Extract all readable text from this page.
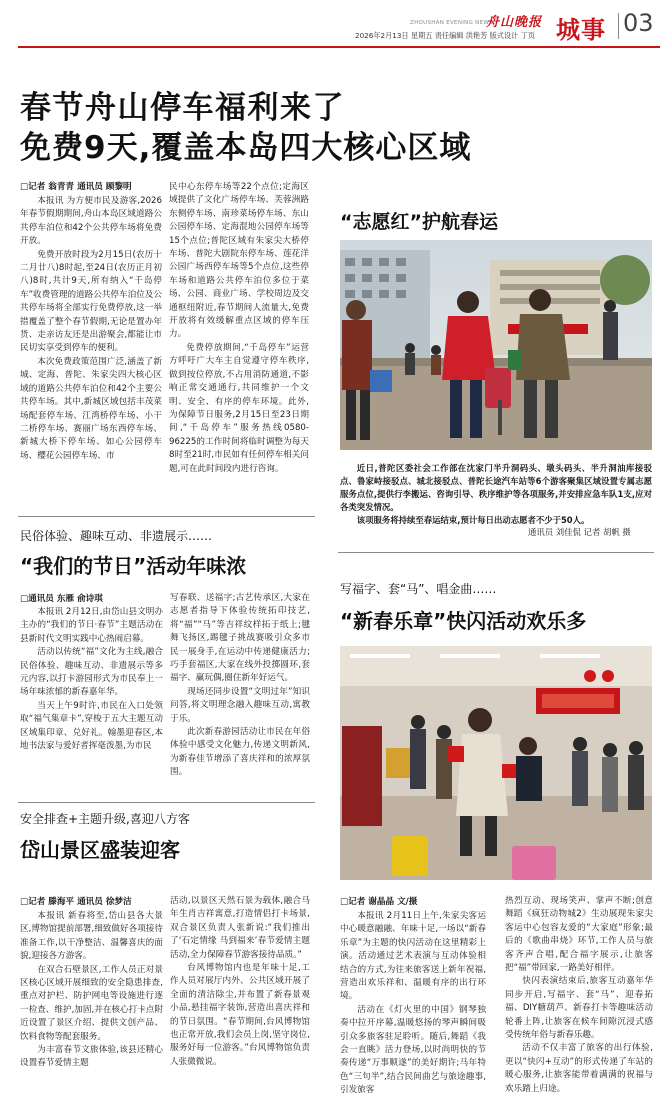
ZHOUSHAN EVENING NEWS
舟山晚报
2026年2月13日 星期五 责任编辑 洪艳芳 版式设计 丁页 城事 03
春节舟山停车福利来了
免费9天,覆盖本岛四大核心区域
□记者 翁青青 通讯员 顾黎明

本报讯 为方便市民及游客,2026年春节假期期间,舟山本岛区域道路公共停车泊位和42个公共停车场将免费开放。

免费开放时段为2月15日(农历十二月廿八)8时起,至24日(农历正月初八)8时,共计9天,所有纳入“千岛停车”收费管理的道路公共停车泊位及公共停车场将全部实行免费停放,这一举措覆盖了整个春节假期,无论是置办年货、走亲访友还是出游聚会,都能让市民切实享受到停车的便利。

本次免费政策范围广泛,涵盖了新城、定海、普陀、朱家尖四大核心区域的道路公共停车泊位和42个主要公共停车场。其中,新城区域包括丰茂菜场配套停车场、江湾桥停车场、小干二桥停车场、赛丽广场东西停车场、新城大桥下停车场、如心公园停车场、樱花公园停车场、市

民中心东停车场等22个点位;定海区域提供了文化广场停车场、芙蓉洲路东侧停车场、南珍菜场停车场、东山公园停车场、定海混地公园停车场等15个点位;普陀区域有朱家尖大桥停车场、普陀大剧院东停车场、莲花洋公园广场西停车场等5个点位,这些停车场和道路公共停车泊位多位于菜场、公园、商业广场、学校周边及交通枢纽附近,春节期间人流量大,免费开放将有效缓解重点区域的停车压力。

免费停放期间,“千岛停车”运营方呼吁广大车主自觉遵守停车秩序,做到按位停放,不占用消防通道,不影响正常交通通行,共同维护一个文明、安全、有序的停车环境。此外,为保障节日服务,2月15日至23日期间,“千岛停车”服务热线0580-96225的工作时间将临时调整为每天8时至21时,市民如有任何停车相关问题,可在此时间段内进行咨询。

“志愿红”护航春运

近日,普陀区委社会工作部在沈家门半升洞码头、墩头码头、半升洞油库接驳点、鲁家峙接驳点、城北接驳点、普陀长途汽车站等6个游客聚集区域设置专属志愿服务点位,提供行李搬运、咨询引导、秩序维护等各项服务,并安排应急车队1支,应对各类突发情况。

该项服务将持续至春运结束,预计每日出动志愿者不少于50人。

通讯员 刘佳侃 记者 胡帆 摄
民俗体验、趣味互动、非遗展示……
“我们的节日”活动年味浓
□通讯员 东雁 俞诗琪

本报讯 2月12日,由岱山县文明办主办的“我们的节日·春节”主题活动在县新时代文明实践中心热闹启幕。

活动以传统“福”文化为主线,融合民俗体验、趣味互动、非遗展示等多元内容,以打卡游园形式为市民奉上一场年味浓郁的新春嘉年华。

当天上午9时许,市民在入口处领取“福气集章卡”,穿梭于五大主题互动区域集印章、兑好礼。翰墨迎春区,本地书法家与爱好者挥毫泼墨,为市民

写春联、送福字;古艺传承区,大家在志愿者指导下体验传统拓印技艺,将“福”“马”等吉祥纹样拓于纸上;毽舞飞扬区,踢毽子挑战赛吸引众多市民一展身手,在运动中传递健康活力;巧手套福区,大家在线外投掷圆环,套福字、赢玩偶,圈住新年好运气。

现场还同步设置“文明过年”知识问答,将文明理念融入趣味互动,寓教于乐。

此次新春游园活动让市民在年俗体验中感受文化魅力,传递文明新风,为新春佳节增添了喜庆祥和的浓厚氛围。

写福字、套“马”、唱金曲……
“新春乐章”快闪活动欢乐多
□记者 谢晶晶 文/摄

本报讯 2月11日上午,朱家尖客运中心暖意融融、年味十足,一场以“新春乐章”为主题的快闪活动在这里精彩上演。活动通过艺术表演与互动体验相结合的方式,为往来旅客送上新年祝福,营造出欢乐祥和、温暖有序的出行环境。

活动在《灯火里的中国》钢琴独奏中拉开序幕,温暖悠扬的琴声瞬间吸引众多旅客驻足聆听。随后,舞蹈《我会一直眺》活力登场,以时尚明快的节奏传递“万事顺遂”的美好期许;马年特色“三句半”,结合民间曲艺与旅途趣事,引发旅客

热烈互动、现场笑声、掌声不断;创意舞蹈《疯狂动物城2》生动展现朱家尖客运中心包容友爱的“大家庭”形象;最后的《歌曲串烧》环节,工作人员与旅客齐声合唱,配合福字展示,让旅客把“福”带回家,一路美好相伴。

快闪表演结束后,旅客互动嘉年华同步开启,写福字、套“马”、迎春拓福、DIY糖葫芦、新春打卡等趣味活动轮番上阵,让旅客在候车间隙沉浸式感受传统年俗与新春乐趣。

活动不仅丰富了旅客的出行体验,更以“快闪+互动”的形式传递了车站的暖心服务,让旅客能带着满满的祝福与欢乐踏上归途。

安全排查+主题升级,喜迎八方客
岱山景区盛装迎客
□记者 滕海平 通讯员 徐梦洁

本报讯 新春将至,岱山县各大景区,博物馆提前部署,细致做好各项接待准备工作,以干净整洁、温馨喜庆的面貌,迎接各方游客。

在双合石壁景区,工作人员正对景区核心区域开展细致的安全隐患排查,重点对护栏、防护网电等设施进行逐一检查、维护,加固,并在核心打卡点附近设置了景区介绍、提供文创产品、饮料食物等配套服务。

为丰富春节文旅体验,该县还精心设置春节爱情主题

活动,以景区天然石景为载体,融合马年生肖吉祥寓意,打造情侣打卡场景,双合景区负责人张新说:“我们推出了‘石定情缘 马到福来’春节爱情主题活动,全力保障春节游客接待品质。”

台风博物馆内也是年味十足,工作人员对展厅内外、公共区域开展了全面的清洁除尘,并布置了新春景观小品,悬挂福字装饰,营造出喜庆祥和的节日氛围。“春节期间,台风博物馆也正常开放,我们会员上岗,坚守岗位,服务好每一位游客。”台风博物馆负责人张微微说。
